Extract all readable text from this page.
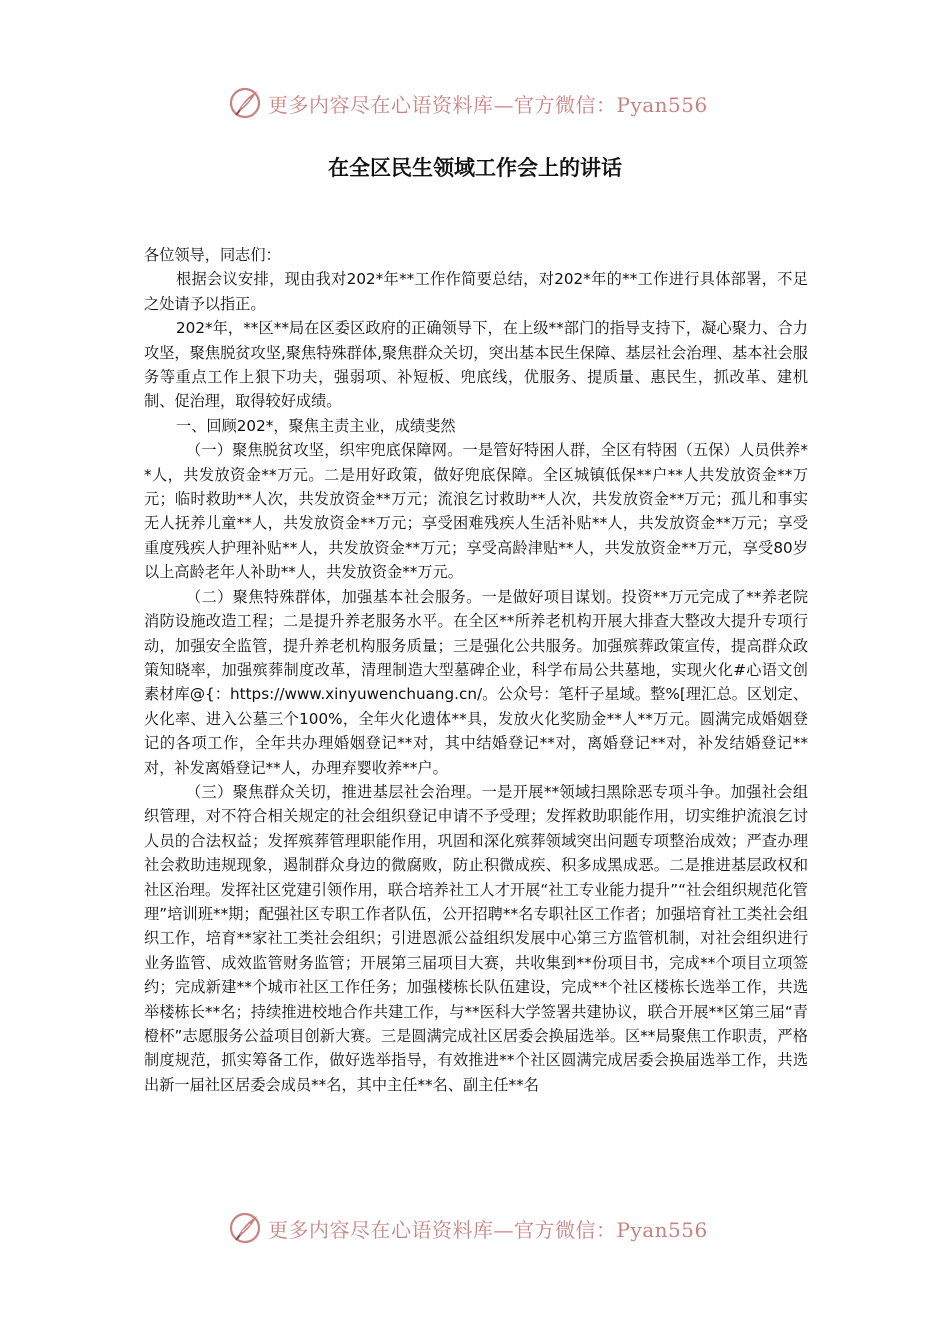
更多内容尽在心语资料库—官方微信：Pyan556
在全区民生领域工作会上的讲话

各位领导，同志们：

根据会议安排，现由我对202*年**工作作简要总结，对202*年的**工作进行具体部署，不足之处请予以指正。

202*年，**区**局在区委区政府的正确领导下，在上级**部门的指导支持下，凝心聚力、合力攻坚，聚焦脱贫攻坚,聚焦特殊群体,聚焦群众关切，突出基本民生保障、基层社会治理、基本社会服务等重点工作上狠下功夫，强弱项、补短板、兜底线，优服务、提质量、惠民生，抓改革、建机制、促治理，取得较好成绩。

一、回顾202*，聚焦主责主业，成绩斐然

（一）聚焦脱贫攻坚，织牢兜底保障网。一是管好特困人群，全区有特困（五保）人员供养**人，共发放资金**万元。二是用好政策，做好兜底保障。全区城镇低保**户**人共发放资金**万元；临时救助**人次，共发放资金**万元；流浪乞讨救助**人次，共发放资金**万元；孤儿和事实无人抚养儿童**人，共发放资金**万元；享受困难残疾人生活补贴**人，共发放资金**万元；享受重度残疾人护理补贴**人，共发放资金**万元；享受高龄津贴**人，共发放资金**万元，享受80岁以上高龄老年人补助**人，共发放资金**万元。

（二）聚焦特殊群体，加强基本社会服务。一是做好项目谋划。投资**万元完成了**养老院消防设施改造工程；二是提升养老服务水平。在全区**所养老机构开展大排查大整改大提升专项行动，加强安全监管，提升养老机构服务质量；三是强化公共服务。加强殡葬政策宣传，提高群众政策知晓率，加强殡葬制度改革，清理制造大型墓碑企业，科学布局公共墓地，实现火化#心语文创素材库@{：https://www.xinyuwenchuang.cn/。公众号：笔杆子星域。整%[理汇总。区划定、火化率、进入公墓三个100%，全年火化遗体**具，发放火化奖励金**人**万元。圆满完成婚姻登记的各项工作，全年共办理婚姻登记**对，其中结婚登记**对，离婚登记**对，补发结婚登记**对，补发离婚登记**人，办理弃婴收养**户。

（三）聚焦群众关切，推进基层社会治理。一是开展**领域扫黑除恶专项斗争。加强社会组织管理，对不符合相关规定的社会组织登记申请不予受理；发挥救助职能作用，切实维护流浪乞讨人员的合法权益；发挥殡葬管理职能作用，巩固和深化殡葬领域突出问题专项整治成效；严查办理社会救助违规现象，遏制群众身边的微腐败，防止积微成疾、积多成黑成恶。二是推进基层政权和社区治理。发挥社区党建引领作用，联合培养社工人才开展“社工专业能力提升”“社会组织规范化管理”培训班**期；配强社区专职工作者队伍，公开招聘**名专职社区工作者；加强培育社工类社会组织工作，培育**家社工类社会组织；引进恩派公益组织发展中心第三方监管机制，对社会组织进行业务监管、成效监管财务监管；开展第三届项目大赛，共收集到**份项目书，完成**个项目立项签约；完成新建**个城市社区工作任务；加强楼栋长队伍建设，完成**个社区楼栋长选举工作，共选举楼栋长**名；持续推进校地合作共建工作，与**医科大学签署共建协议，联合开展**区第三届“青橙杯”志愿服务公益项目创新大赛。三是圆满完成社区居委会换届选举。区**局聚焦工作职责，严格制度规范，抓实筹备工作，做好选举指导，有效推进**个社区圆满完成居委会换届选举工作，共选出新一届社区居委会成员**名，其中主任**名、副主任**名

更多内容尽在心语资料库—官方微信：Pyan556
